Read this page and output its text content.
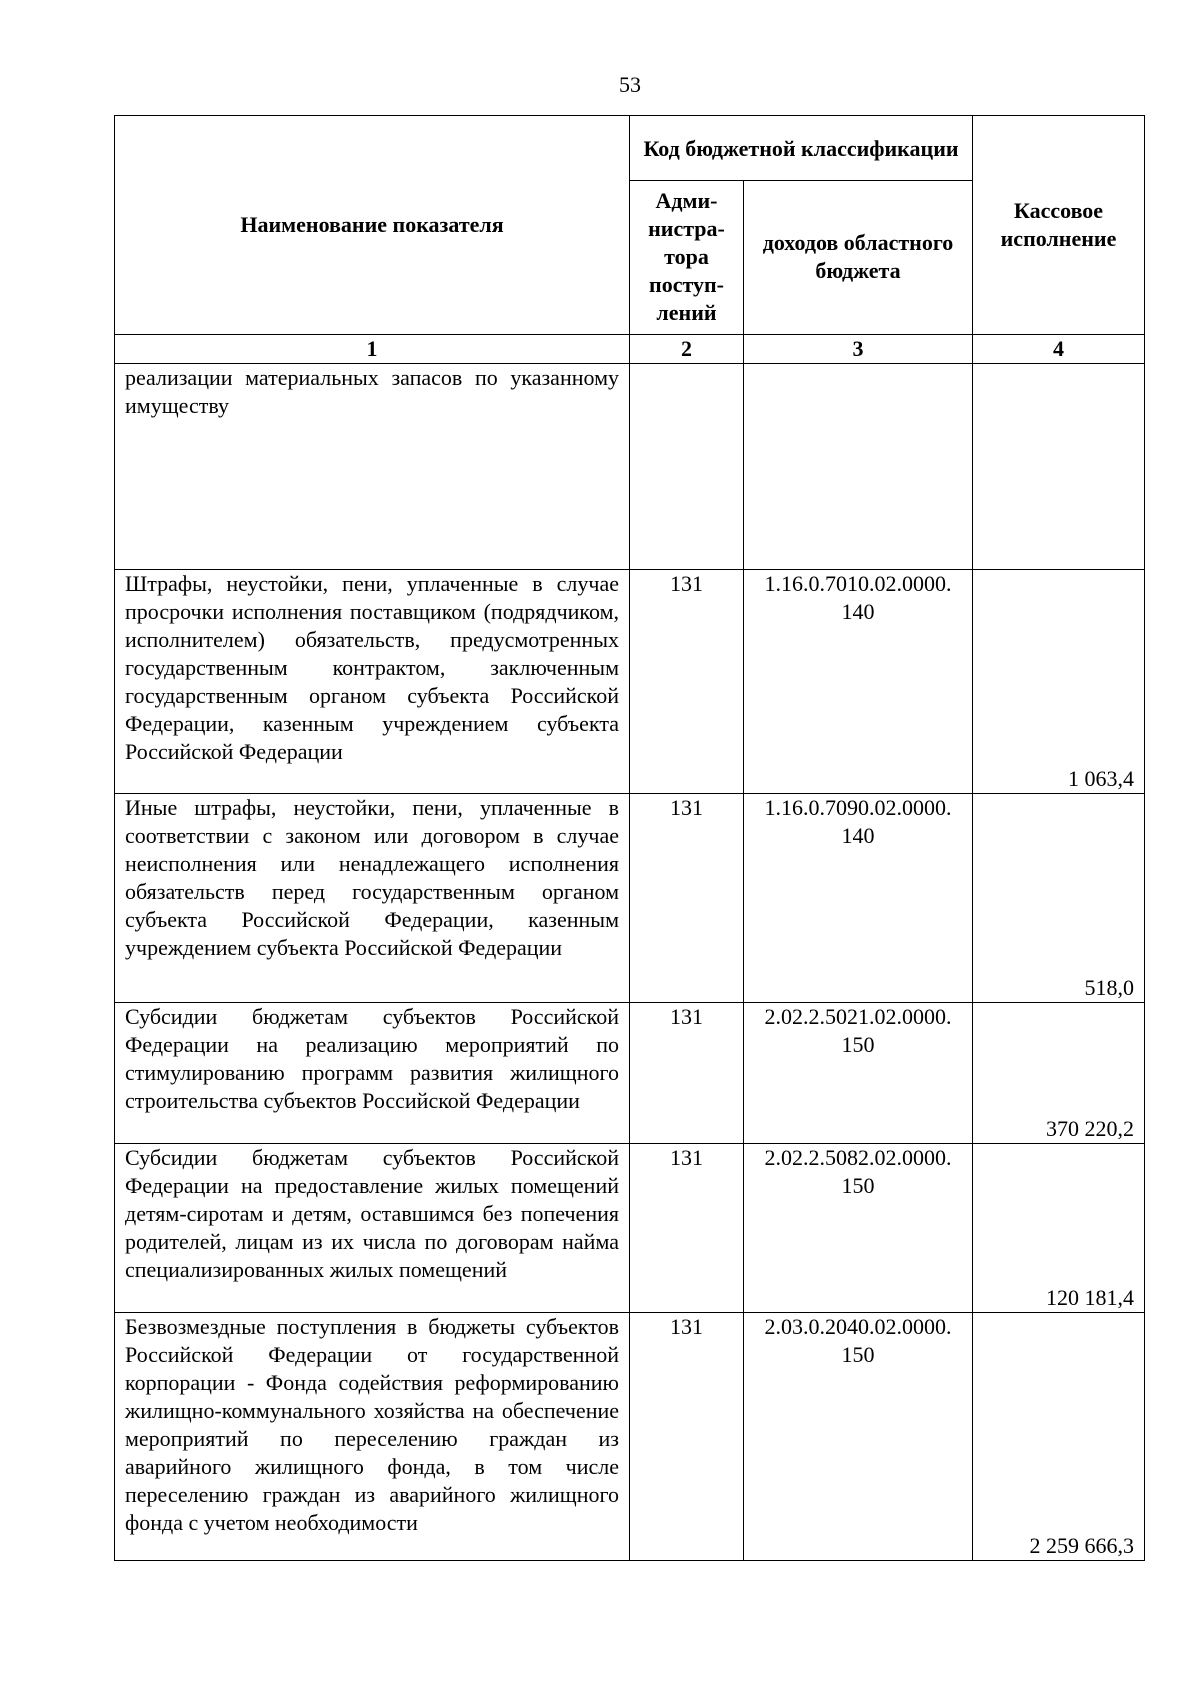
53
Наименование показателя	Код бюджетной классификации		Кассовое исполнение
	Адми-нистра-тора поступ-лений	доходов областного бюджета	
1	2	3	4
реализации материальных запасов по указанному имуществу			
Штрафы, неустойки, пени, уплаченные в случае просрочки исполнения поставщиком (подрядчиком, исполнителем) обязательств, предусмотренных государственным контрактом, заключенным государственным органом субъекта Российской Федерации, казенным учреждением субъекта Российской Федерации	131	1.16.0.7010.02.0000. 140	1 063,4
Иные штрафы, неустойки, пени, уплаченные в соответствии с законом или договором в случае неисполнения или ненадлежащего исполнения обязательств перед государственным органом субъекта Российской Федерации, казенным учреждением субъекта Российской Федерации	131	1.16.0.7090.02.0000. 140	518,0
Субсидии бюджетам субъектов Российской Федерации на реализацию мероприятий по стимулированию программ развития жилищного строительства субъектов Российской Федерации	131	2.02.2.5021.02.0000. 150	370 220,2
Субсидии бюджетам субъектов Российской Федерации на предоставление жилых помещений детям-сиротам и детям, оставшимся без попечения родителей, лицам из их числа по договорам найма специализированных жилых помещений	131	2.02.2.5082.02.0000. 150	120 181,4
Безвозмездные поступления в бюджеты субъектов Российской Федерации от государственной корпорации - Фонда содействия реформированию жилищно-коммунального хозяйства на обеспечение мероприятий по переселению граждан из аварийного жилищного фонда, в том числе переселению граждан из аварийного жилищного фонда с учетом необходимости	131	2.03.0.2040.02.0000. 150	2 259 666,3
